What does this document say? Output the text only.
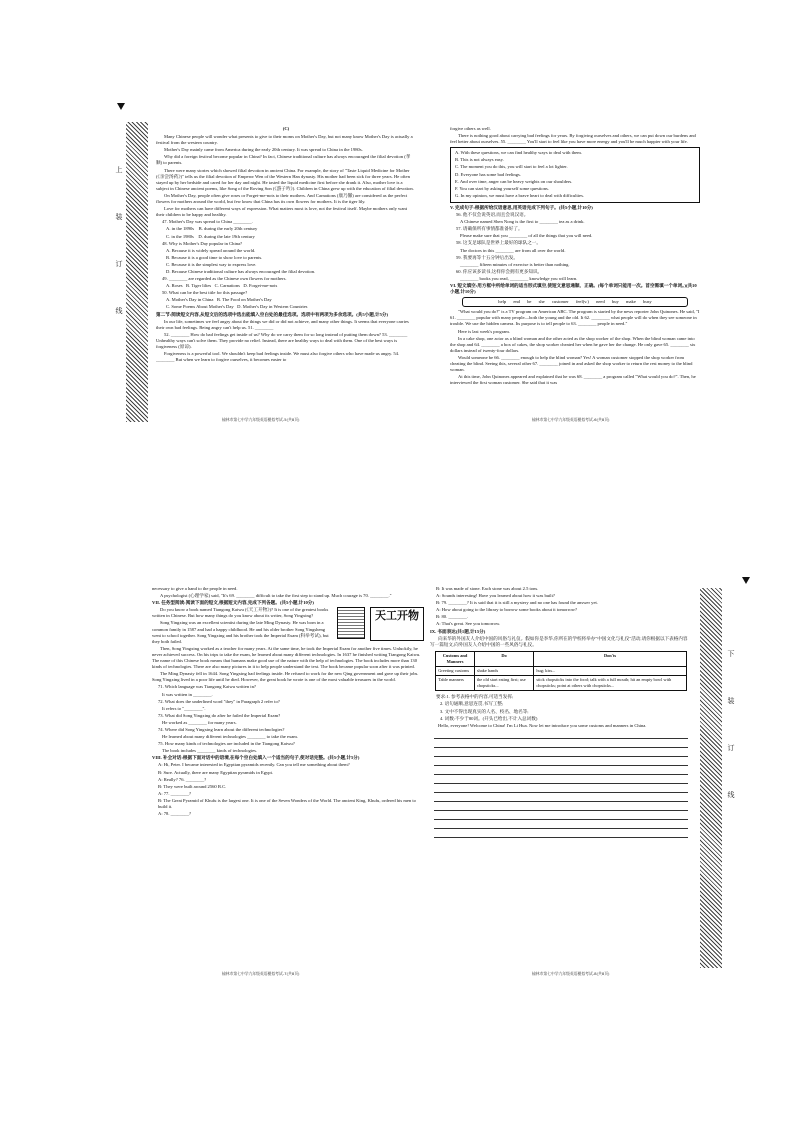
上装订线

(C)

Many Chinese people will wonder what presents to give to their moms on Mother's Day, but not many know Mother's Day is actually a festival from the western country.

Mother's Day mainly came from America during the early 20th century. It was spread to China in the 1980s.

Why did a foreign festival become popular in China? In fact, Chinese traditional culture has always encouraged the filial devotion (孝顺) to parents.

There were many stories which showed filial devotion in ancient China. For example, the story of "Taste Liquid Medicine for Mother (《亲尝汤药》)" tells us the filial devotion of Emperor Wen of the Western Han dynasty. His mother had been sick for three years. He often stayed up by her bedside and cared for her day and night. He tasted the liquid medicine first before she drank it. Also, mother love is a subject in Chinese ancient poems, like Song of the Roving Son (《游子吟》). Children in China grew up with the education of filial devotion.

On Mother's Day, people often give roses or Forget-me-nots to their mothers. And Carnations (康乃馨) are considered as the perfect flowers for mothers around the world, but few know that China has its own flowers for mothers. It is the tiger lily.

Love for mothers can have different ways of expression. What matters most is love, not the festival itself. Maybe mothers only want their children to be happy and healthy.

47. Mother's Day was spread to China ________.

A. in the 1890s B. during the early 20th century

C. in the 1980s D. during the late 19th century

48. Why is Mother's Day popular in China?

A. Because it is widely spread around the world.

B. Because it is a good time to show love to parents.

C. Because it is the simplest way to express love.

D. Because Chinese traditional culture has always encouraged the filial devotion.

49. ________ are regarded as the Chinese own flowers for mothers.

A. Roses B. Tiger lilies C. Carnations D. Forget-me-nots

50. What can be the best title for this passage?

A. Mother's Day in China B. The Food on Mother's Day

C. Some Poems About Mother's Day D. Mother's Day in Western Countries

第二节:阅读短文内容,从短文后的选项中选出能填入空白处的最佳选项。选项中有两项为多余选项。(共5小题,计5分)

In our life, sometimes we feel angry about the things we did or did not achieve, and many other things. It seems that everyone carries their own bad feelings. Being angry can't help us. 51. ________

52. ________ How do bad feelings get inside of us? Why do we carry them for so long instead of putting them down? 53. ________ Unhealthy ways can't solve them. They provide no relief. Instead, there are healthy ways to deal with them. One of the best ways is forgiveness (原谅).

Forgiveness is a powerful tool. We shouldn't keep bad feelings inside. We must also forgive others who have made us angry. 54. ________ But when we learn to forgive ourselves, it becomes easier to

榆林市第七中学九年级英语模拟考试-5(共8页)

forgive others as well.

There is nothing good about carrying bad feelings for years. By forgiving ourselves and others, we can put down our burdens and feel better about ourselves. 55. ________ You'll start to feel like you have more energy and you'll be much happier with your life.

A. With these questions, we can find healthy ways to deal with them.

B. This is not always easy.

C. The moment you do this, you will start to feel a lot lighter.

D. Everyone has some bad feelings.

E. And over time, anger can be heavy weights on our shoulders.

F. You can start by asking yourself some questions.

G. In my opinion, we must have a brave heart to deal with difficulties.

V. 完成句子:根据所给汉语意思,用英语完成下列句子。(共5小题,计10分)

56. 他不仅会说英语,而且会说汉语。

A Chinese named Shen Nong is the first to ________ tea as a drink.

57. 请确保所有事情都准备好了。

Please make sure that you ________ of all the things that you will need.

58. 这支足球队是世界上最好的球队之一。

The doctors in this ________ are from all over the world.

59. 我要再等十五分钟后出发。

________ fifteen minutes of exercise is better than nothing.

60. 你应该多读书,这样你会拥有更多知识。

________ books you read, ________ knowledge you will learn.

VI. 短文填空:用方框中所给单词的适当形式填空,使短文意思通顺、正确。(每个单词只能用一次。首空需填一个单词。)(共10小题,计10分)

help end be she customer feel(v.) need buy make busy

"What would you do?" is a TV program on American ABC. The program is started by the news reporter John Quinones. He said, "I 61. ________ popular with many people—both the young and the old. It 62. ________ what people will do when they see someone in trouble. We use the hidden camera. Its purpose is to tell people to 63. ________ people in need."

Here is last week's program.

In a cake shop, one actor as a blind woman and the other acted as the shop worker of the shop. When the blind woman came into the shop and 64. ________ a box of cakes, the shop worker cheated her when he gave her the change. He only gave 65. ________ six dollars instead of twenty-four dollars.

Would someone be 66. ________ enough to help the blind woman? Yes! A woman customer stopped the shop worker from cheating the blind. Seeing this, several other 67. ________ joined in and asked the shop worker to return the rest money to the blind woman.

At this time, John Quinones appeared and explained that he was 68. ________ a program called "What would you do?". Then, he interviewed the first woman customer. She said that it was

榆林市第七中学九年级英语模拟考试-6(共8页)

necessary to give a hand to the people in need.

A psychologist (心理学家) said, "It's 69. ________ difficult to take the first step to stand up. Much courage is 70. ________."

VII. 任务型阅读:阅读下面的短文,根据短文内容,完成下列各题。(共5小题,计10分)

天工开物

Do you know a book named Tiangong Kaiwu (《天工开物》)? It is one of the greatest books written in Chinese. But how many things do you know about its writer, Song Yingxing?

Song Yingxing was an excellent scientist during the late Ming Dynasty. He was born in a common family in 1587 and had a happy childhood. He and his older brother Song Yingsheng went to school together. Song Yingxing and his brother took the Imperial Exam (科举考试), but they both failed.

Then, Song Yingxing worked as a teacher for many years. At the same time, he took the Imperial Exam for another five times. Unluckily, he never achieved success. On his trips to take the exam, he learned about many different technologies. In 1637 he finished writing Tiangong Kaiwu. The name of this Chinese book means that humans make good use of the nature with the help of technologies. The book includes more than 130 kinds of technologies. There are also many pictures in it to help people understand the text. The book became popular soon after it was printed.

The Ming Dynasty fell in 1644. Song Yingxing had feelings inside. He refused to work for the new Qing government and gave up their jobs. Song Yingxing lived in a poor life until he died. However, the great book he wrote is one of the most valuable treasures in the world.

71. Which language was Tiangong Kaiwu written in?

It was written in ________.

72. What does the underlined word "they" in Paragraph 2 refer to?

It refers to "________".

73. What did Song Yingxing do after he failed the Imperial Exam?

He worked as ________ for many years.

74. Where did Song Yingxing learn about the different technologies?

He learned about many different technologies ________ to take the exam.

75. How many kinds of technologies are included in the Tiangong Kaiwu?

The book includes ________ kinds of technologies.

VIII. 补全对话:根据下面对话中的语境,在每个空白处填入一个适当的句子,使对话完整。(共5小题,计5分)

A: Hi, Peter. I became interested in Egyptian pyramids recently. Can you tell me something about them?

B: Sure. Actually, there are many Egyptian pyramids in Egypt.

A: Really? 76. ________?

B: They were built around 2560 B.C.

A: 77. ________?

B: The Great Pyramid of Khufu is the largest one. It is one of the Seven Wonders of the World. The ancient King, Khufu, ordered his men to build it.

A: 78. ________?

榆林市第七中学九年级英语模拟考试-7(共8页)

B: It was made of stone. Each stone was about 2.5 tons.

A: Sounds interesting! Have you learned about how it was built?

B: 79. ________? It is said that it is still a mystery and no one has found the answer yet.

A: How about going to the library to borrow some books about it tomorrow?

B: 80. ________.

A: That's great. See you tomorrow.

IX. 书面表达(共1题,计15分)

向来华的外国友人介绍中国的风俗与礼仪。假如你是李华,你所在的学校将举办"中国文化与礼仪"活动,请你根据以下表格内容写一篇短文,向外国友人介绍中国的一些风俗与礼仪。

Customs and Manners	Do	Don'ts
Greeting customs	shake hands	hug; kiss...
Table manners	the old start eating first; use chopsticks...	stick chopsticks into the food; talk with a full mouth; hit an empty bowl with chopsticks; point at others with chopsticks...

要求:1. 参考表格中的内容,可适当发挥;

2. 语句通顺,意思连贯,书写工整;

3. 文中不得出现真实的人名、校名、地名等;

4. 词数:不少于80词。(开头已给出,不计入总词数)

Hello, everyone! Welcome to China! I'm Li Hua. Now let me introduce you some customs and manners in China.

榆林市第七中学九年级英语模拟考试-8(共8页)
下装订线
